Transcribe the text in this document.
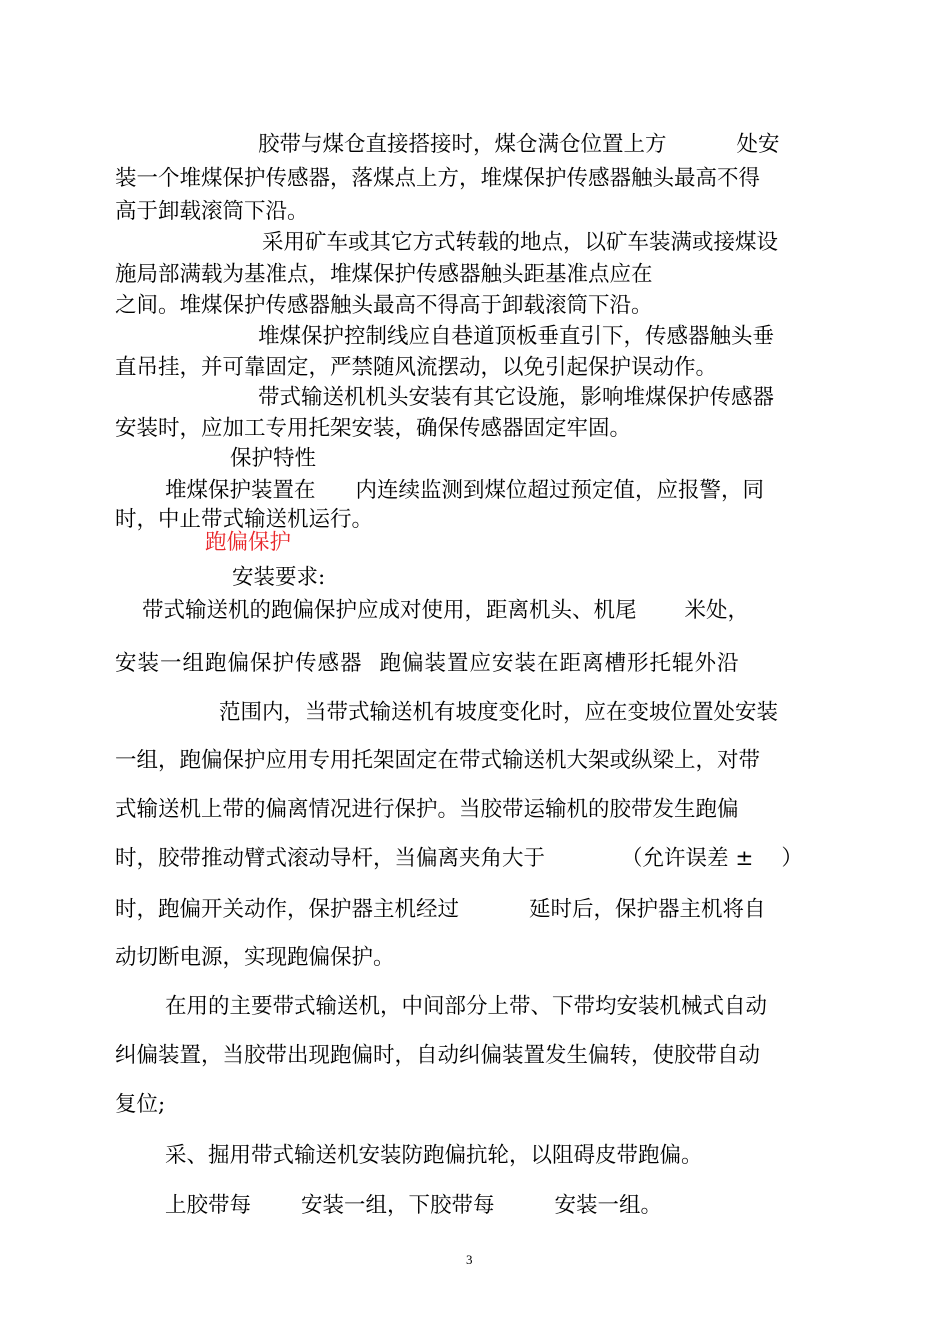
胶带与煤仓直接搭接时，煤仓满仓位置上方	处安
装一个堆煤保护传感器，落煤点上方，堆煤保护传感器触头最高不得
高于卸载滚筒下沿。
采用矿车或其它方式转载的地点，以矿车装满或接煤设
施局部满载为基准点，堆煤保护传感器触头距基准点应在
之间。堆煤保护传感器触头最高不得高于卸载滚筒下沿。
堆煤保护控制线应自巷道顶板垂直引下，传感器触头垂
直吊挂，并可靠固定，严禁随风流摆动，以免引起保护误动作。
带式输送机机头安装有其它设施，影响堆煤保护传感器
安装时，应加工专用托架安装，确保传感器固定牢固。
保护特性
堆煤保护装置在 内连续监测到煤位超过预定值，应报警，同
时，中止带式输送机运行。
跑偏保护
安装要求:
带式输送机的跑偏保护应成对使用，距离机头、机尾 米处，
安装一组跑偏保护传感器 跑偏装置应安装在距离槽形托辊外沿
范围内，当带式输送机有坡度变化时，应在变坡位置处安装
一组，跑偏保护应用专用托架固定在带式输送机大架或纵梁上，对带
式输送机上带的偏离情况进行保护。当胶带运输机的胶带发生跑偏
时，胶带推动臂式滚动导杆，当偏离夹角大于	（允许误差 ± ）
时，跑偏开关动作，保护器主机经过	延时后，保护器主机将自
动切断电源，实现跑偏保护。
在用的主要带式输送机，中间部分上带、下带均安装机械式自动
纠偏装置，当胶带出现跑偏时，自动纠偏装置发生偏转，使胶带自动
复位;
采、掘用带式输送机安装防跑偏抗轮，以阻碍皮带跑偏。
上胶带每 安装一组，下胶带每	安装一组。
3
